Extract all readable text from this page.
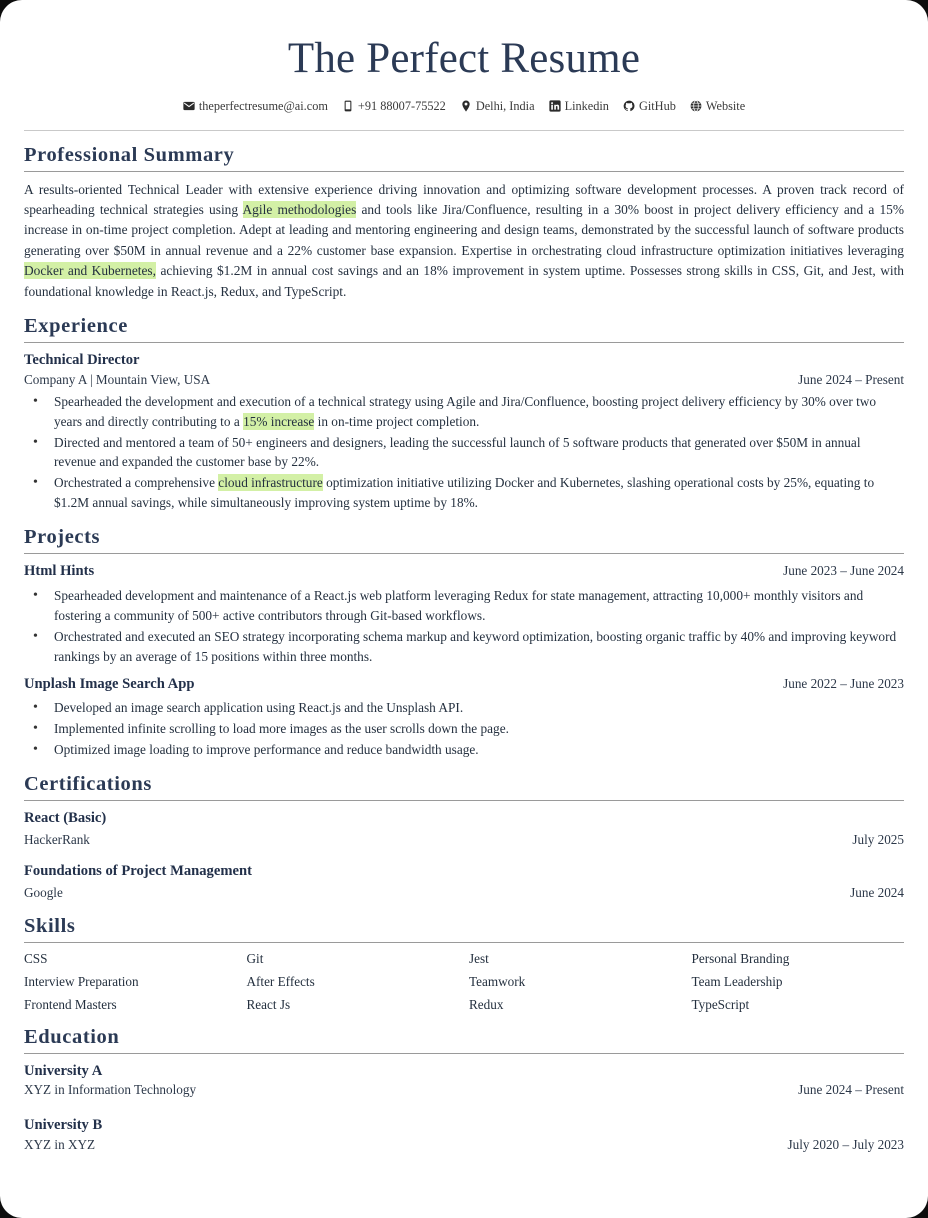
The Perfect Resume
theperfectresume@ai.com +91 88007-75522 Delhi, India Linkedin GitHub Website
Professional Summary

A results-oriented Technical Leader with extensive experience driving innovation and optimizing software development processes. A proven track record of spearheading technical strategies using Agile methodologies and tools like Jira/Confluence, resulting in a 30% boost in project delivery efficiency and a 15% increase in on-time project completion. Adept at leading and mentoring engineering and design teams, demonstrated by the successful launch of software products generating over $50M in annual revenue and a 22% customer base expansion. Expertise in orchestrating cloud infrastructure optimization initiatives leveraging Docker and Kubernetes, achieving $1.2M in annual cost savings and an 18% improvement in system uptime. Possesses strong skills in CSS, Git, and Jest, with foundational knowledge in React.js, Redux, and TypeScript.

Experience
Technical Director
Company A | Mountain View, USA	June 2024 – Present
• Spearheaded the development and execution of a technical strategy using Agile and Jira/Confluence, boosting project delivery efficiency by 30% over two years and directly contributing to a 15% increase in on-time project completion.
• Directed and mentored a team of 50+ engineers and designers, leading the successful launch of 5 software products that generated over $50M in annual revenue and expanded the customer base by 22%.
• Orchestrated a comprehensive cloud infrastructure optimization initiative utilizing Docker and Kubernetes, slashing operational costs by 25%, equating to $1.2M annual savings, while simultaneously improving system uptime by 18%.
Projects
Html Hints	June 2023 – June 2024
• Spearheaded development and maintenance of a React.js web platform leveraging Redux for state management, attracting 10,000+ monthly visitors and fostering a community of 500+ active contributors through Git-based workflows.
• Orchestrated and executed an SEO strategy incorporating schema markup and keyword optimization, boosting organic traffic by 40% and improving keyword rankings by an average of 15 positions within three months.
Unplash Image Search App	June 2022 – June 2023
• Developed an image search application using React.js and the Unsplash API.
• Implemented infinite scrolling to load more images as the user scrolls down the page.
• Optimized image loading to improve performance and reduce bandwidth usage.
Certifications
React (Basic)
HackerRank	July 2025
Foundations of Project Management
Google	June 2024
Skills
CSS	Git	Jest	Personal Branding
Interview Preparation	After Effects	Teamwork	Team Leadership
Frontend Masters	React Js	Redux	TypeScript
Education
University A
XYZ in Information Technology	June 2024 – Present
University B
XYZ in XYZ	July 2020 – July 2023
